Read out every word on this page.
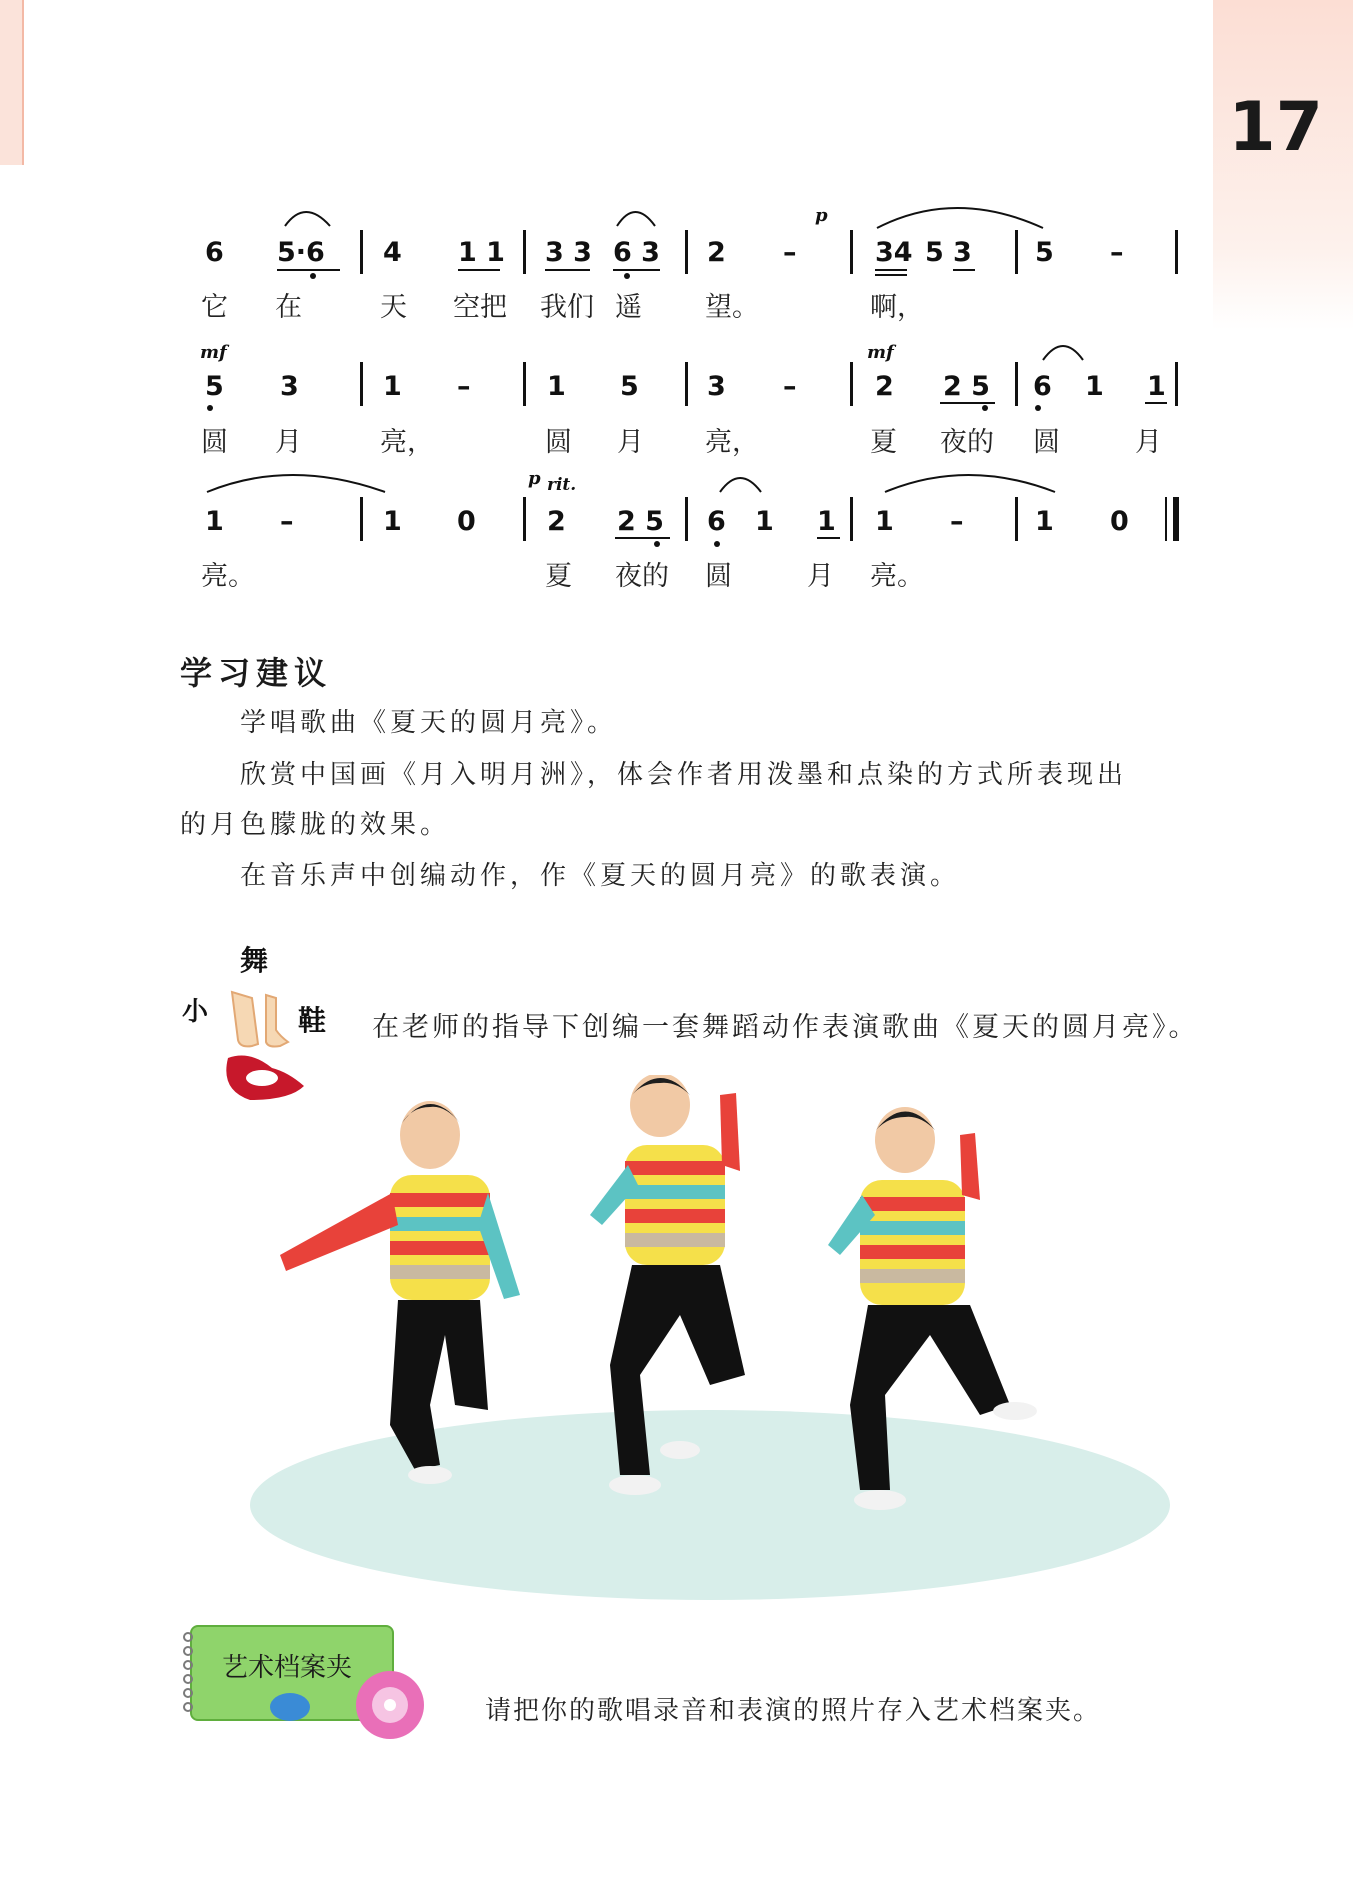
17
p
6 5·6 4 1 1 3 3 6 3 2 –	34 5 3 5 –
它 在	天 空把 我们 遥 望。	啊，
mf	mf
5 3	1 –	1 5	3 –	2 2 5 6 1 1
圆 月	亮，	圆 月 亮，	夏 夜的 圆	月
p rit.
1 –	1 0	2 2 5 6 1 1 1 –	1 0
亮。	夏 夜的 圆	月 亮。
学习建议
学唱歌曲《夏天的圆月亮》。
欣赏中国画《月入明月洲》，体会作者用泼墨和点染的方式所表现出
的月色朦胧的效果。
在音乐声中创编动作，作《夏天的圆月亮》的歌表演。
舞
小	鞋 在老师的指导下创编一套舞蹈动作表演歌曲《夏天的圆月亮》。
艺术档案夹
请把你的歌唱录音和表演的照片存入艺术档案夹。
